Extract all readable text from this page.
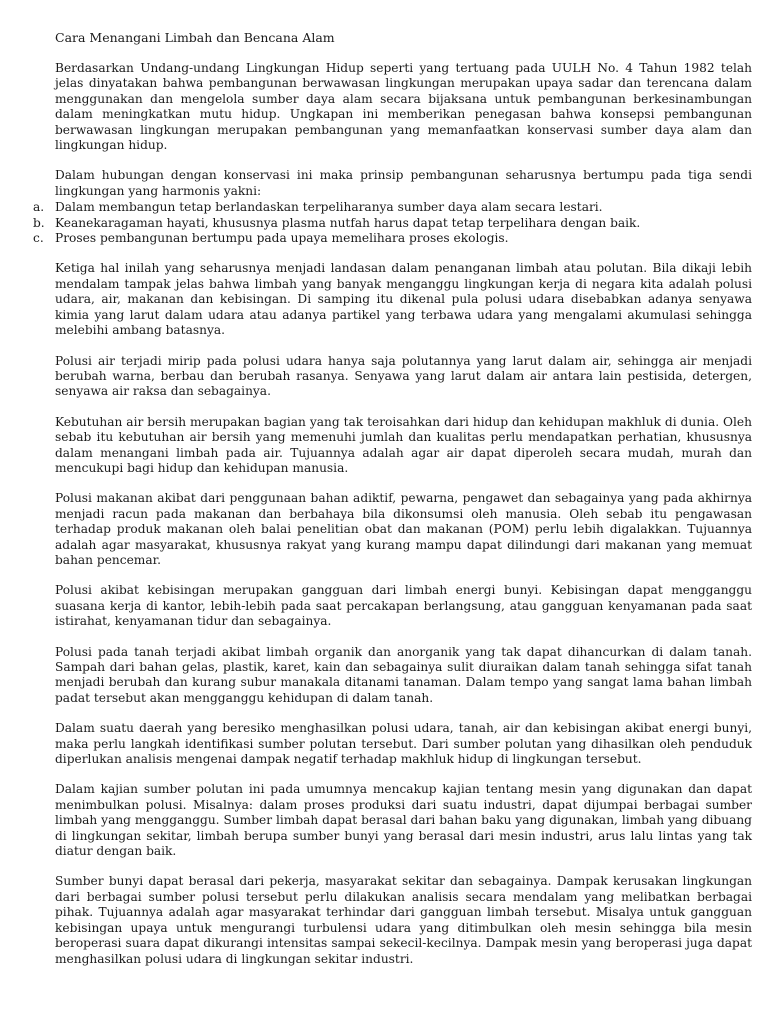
Cara Menangani Limbah dan Bencana Alam

Berdasarkan Undang-undang Lingkungan Hidup seperti yang tertuang pada UULH No. 4 Tahun 1982 telah jelas dinyatakan bahwa pembangunan berwawasan lingkungan merupakan upaya sadar dan terencana dalam menggunakan dan mengelola sumber daya alam secara bijaksana untuk pembangunan berkesinambungan dalam meningkatkan mutu hidup. Ungkapan ini memberikan penegasan bahwa konsepsi pembangunan berwawasan lingkungan merupakan pembangunan yang memanfaatkan konservasi sumber daya alam dan lingkungan hidup.

Dalam hubungan dengan konservasi ini maka prinsip pembangunan seharusnya bertumpu pada tiga sendi lingkungan yang harmonis yakni:

a. Dalam membangun tetap berlandaskan terpeliharanya sumber daya alam secara lestari.
b. Keanekaragaman hayati, khususnya plasma nutfah harus dapat tetap terpelihara dengan baik.
c. Proses pembangunan bertumpu pada upaya memelihara proses ekologis.

Ketiga hal inilah yang seharusnya menjadi landasan dalam penanganan limbah atau polutan. Bila dikaji lebih mendalam tampak jelas bahwa limbah yang banyak menganggu lingkungan kerja di negara kita adalah polusi udara, air, makanan dan kebisingan. Di samping itu dikenal pula polusi udara disebabkan adanya senyawa kimia yang larut dalam udara atau adanya partikel yang terbawa udara yang mengalami akumulasi sehingga melebihi ambang batasnya.

Polusi air terjadi mirip pada polusi udara hanya saja polutannya yang larut dalam air, sehingga air menjadi berubah warna, berbau dan berubah rasanya. Senyawa yang larut dalam air antara lain pestisida, detergen, senyawa air raksa dan sebagainya.

Kebutuhan air bersih merupakan bagian yang tak teroisahkan dari hidup dan kehidupan makhluk di dunia. Oleh sebab itu kebutuhan air bersih yang memenuhi jumlah dan kualitas perlu mendapatkan perhatian, khususnya dalam menangani limbah pada air. Tujuannya adalah agar air dapat diperoleh secara mudah, murah dan mencukupi bagi hidup dan kehidupan manusia.

Polusi makanan akibat dari penggunaan bahan adiktif, pewarna, pengawet dan sebagainya yang pada akhirnya menjadi racun pada makanan dan berbahaya bila dikonsumsi oleh manusia. Oleh sebab itu pengawasan terhadap produk makanan oleh balai penelitian obat dan makanan (POM) perlu lebih digalakkan. Tujuannya adalah agar masyarakat, khususnya rakyat yang kurang mampu dapat dilindungi dari makanan yang memuat bahan pencemar.

Polusi akibat kebisingan merupakan gangguan dari limbah energi bunyi. Kebisingan dapat mengganggu suasana kerja di kantor, lebih-lebih pada saat percakapan berlangsung, atau gangguan kenyamanan pada saat istirahat, kenyamanan tidur dan sebagainya.

Polusi pada tanah terjadi akibat limbah organik dan anorganik yang tak dapat dihancurkan di dalam tanah. Sampah dari bahan gelas, plastik, karet, kain dan sebagainya sulit diuraikan dalam tanah sehingga sifat tanah menjadi berubah dan kurang subur manakala ditanami tanaman. Dalam tempo yang sangat lama bahan limbah padat tersebut akan mengganggu kehidupan di dalam tanah.

Dalam suatu daerah yang beresiko menghasilkan polusi udara, tanah, air dan kebisingan akibat energi bunyi, maka perlu langkah identifikasi sumber polutan tersebut. Dari sumber polutan yang dihasilkan oleh penduduk diperlukan analisis mengenai dampak negatif terhadap makhluk hidup di lingkungan tersebut.

Dalam kajian sumber polutan ini pada umumnya mencakup kajian tentang mesin yang digunakan dan dapat menimbulkan polusi. Misalnya: dalam proses produksi dari suatu industri, dapat dijumpai berbagai sumber limbah yang mengganggu. Sumber limbah dapat berasal dari bahan baku yang digunakan, limbah yang dibuang di lingkungan sekitar, limbah berupa sumber bunyi yang berasal dari mesin industri, arus lalu lintas yang tak diatur dengan baik.

Sumber bunyi dapat berasal dari pekerja, masyarakat sekitar dan sebagainya. Dampak kerusakan lingkungan dari berbagai sumber polusi tersebut perlu dilakukan analisis secara mendalam yang melibatkan berbagai pihak. Tujuannya adalah agar masyarakat terhindar dari gangguan limbah tersebut. Misalya untuk gangguan kebisingan upaya untuk mengurangi turbulensi udara yang ditimbulkan oleh mesin sehingga bila mesin beroperasi suara dapat dikurangi intensitas sampai sekecil-kecilnya. Dampak mesin yang beroperasi juga dapat menghasilkan polusi udara di lingkungan sekitar industri.
